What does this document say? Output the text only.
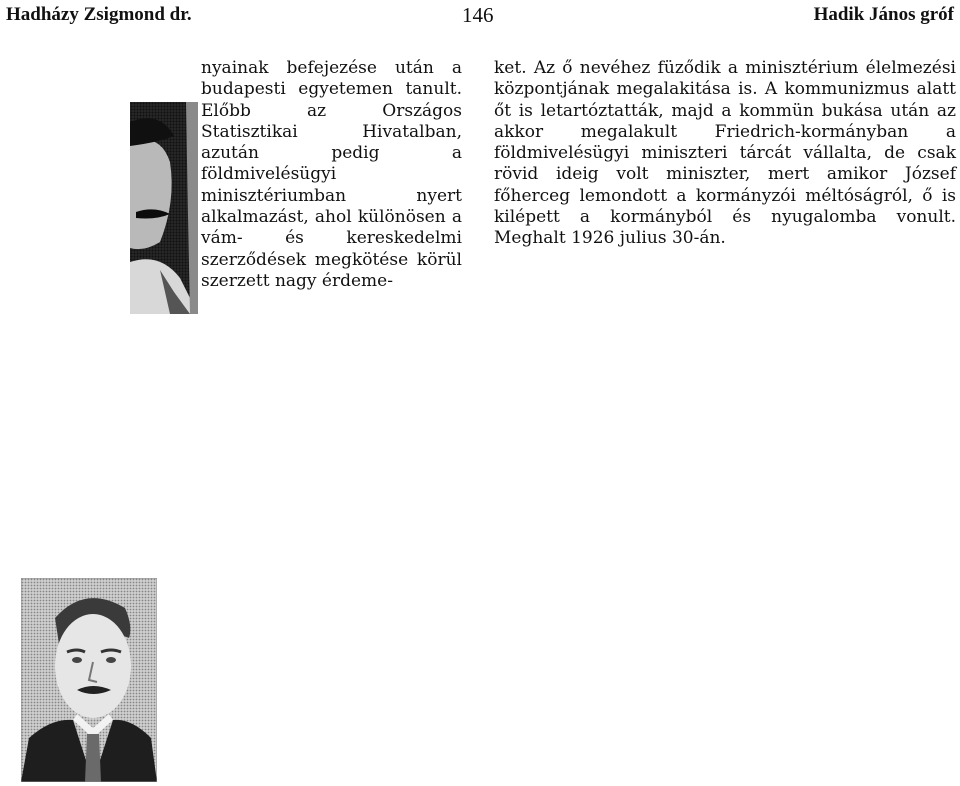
Hadházy Zsigmond dr.	146	Hadik János gróf

nyainak befejezése után a budapesti egyetemen tanult. Előbb az Országos Statisztikai Hivatalban, azután pedig a földmivelésügyi minisztériumban nyert alkalmazást, ahol különösen a vám- és kereskedelmi szerződések megkötése körül szerzett nagy érdeme-

ket. Az ő nevéhez füződik a minisztérium élelmezési központjának megalakitása is. A kommunizmus alatt őt is letartóztatták, majd a kommün bukása után az akkor megalakult Friedrich-kormányban a földmivelésügyi miniszteri tárcát vállalta, de csak rövid ideig volt miniszter, mert amikor József főherceg lemondott a kormányzói méltóságról, ő is kilépett a kormányból és nyugalomba vonult. Meghalt 1926 julius 30-án.
